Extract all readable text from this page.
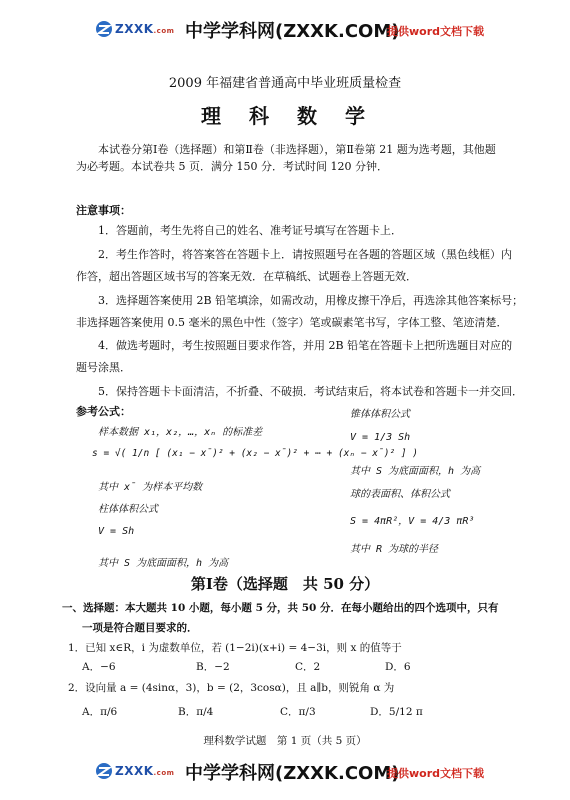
ZXXK.com 中学学科网(ZXXK.COM)
提供word文档下载
2009 年福建省普通高中毕业班质量检查
理　科　数　学
本试卷分第Ⅰ卷（选择题）和第Ⅱ卷（非选择题），第Ⅱ卷第 21 题为选考题，其他题
为必考题。本试卷共 5 页．满分 150 分．考试时间 120 分钟．
注意事项：
1．答题前，考生先将自己的姓名、准考证号填写在答题卡上．
2．考生作答时，将答案答在答题卡上．请按照题号在各题的答题区域（黑色线框）内
作答，超出答题区域书写的答案无效．在草稿纸、试题卷上答题无效．
3．选择题答案使用 2B 铅笔填涂，如需改动，用橡皮擦干净后，再选涂其他答案标号；
非选择题答案使用 0.5 毫米的黑色中性（签字）笔或碳素笔书写，字体工整、笔迹清楚．
4．做选考题时，考生按照题目要求作答，并用 2B 铅笔在答题卡上把所选题目对应的
题号涂黑．
5．保持答题卡卡面清洁，不折叠、不破损．考试结束后，将本试卷和答题卡一并交回．
参考公式：
样本数据 x₁，x₂，…，xₙ 的标准差
s = √( 1/n [ (x₁ − x̄)² + (x₂ − x̄)² + ⋯ + (xₙ − x̄)² ] )
其中 x̄ 为样本平均数
柱体体积公式
V = Sh
其中 S 为底面面积，h 为高
锥体体积公式
V = 1/3 Sh
其中 S 为底面面积，h 为高
球的表面积、体积公式
S = 4πR²，V = 4/3 πR³
其中 R 为球的半径
第Ⅰ卷（选择题　共 50 分）
一、选择题：本大题共 10 小题，每小题 5 分，共 50 分．在每小题给出的四个选项中，只有
一项是符合题目要求的．
1．已知 x∈R，i 为虚数单位，若 (1−2i)(x+i) = 4−3i，则 x 的值等于
A．−6	B．−2	C．2	D．6
2．设向量 a = (4sinα，3)，b = (2，3cosα)，且 a∥b，则锐角 α 为
A．π/6	B．π/4	C．π/3	D．5/12 π
理科数学试题　第 1 页（共 5 页）
ZXXK.com 中学学科网(ZXXK.COM)
提供word文档下载
